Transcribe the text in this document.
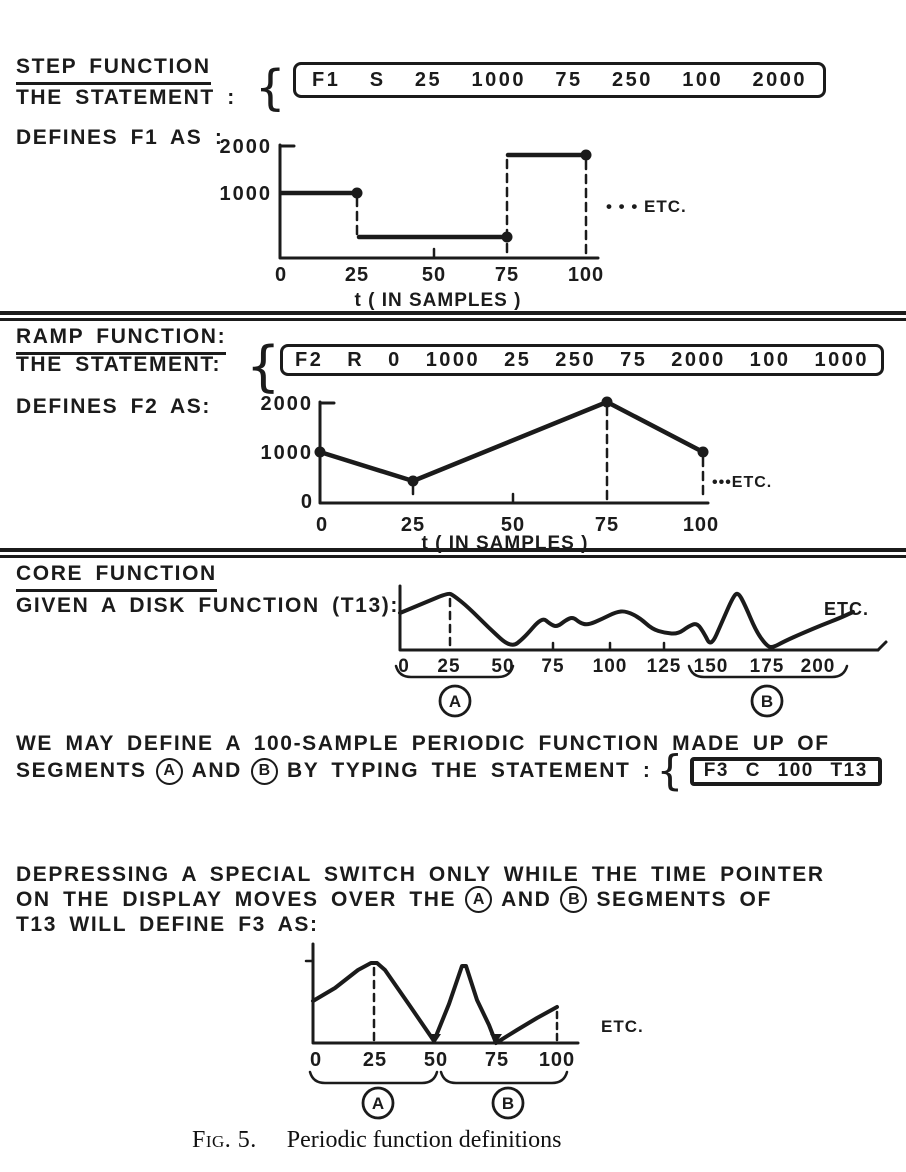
STEP FUNCTION
THE STATEMENT : { F1 S 25 1000 75 250 100 2000
DEFINES F1 AS :
2000
1000
0	25	50 75 100
• • • ETC.
t ( IN SAMPLES )
RAMP FUNCTION:
THE STATEMENT: { F2 R 0 1000 25 250 75 2000 100 1000
DEFINES F2 AS: 2000
1000
0
0	25	50	75	100
•••ETC.
t ( IN SAMPLES )
CORE FUNCTION
GIVEN A DISK FUNCTION (T13):
A	B
0 25 50 75 100 125 150 175 200
ETC.
WE MAY DEFINE A 100-SAMPLE PERIODIC FUNCTION MADE UP OF
SEGMENTS	A AND	B BY TYPING THE STATEMENT : { F3 C 100 T13
DEPRESSING A SPECIAL SWITCH ONLY WHILE THE TIME POINTER
ON THE DISPLAY MOVES OVER THE	A AND	B SEGMENTS OF
T13 WILL DEFINE F3 AS:
A	B
0 25 50 75 100
ETC.
Fig. 5. Periodic function definitions
